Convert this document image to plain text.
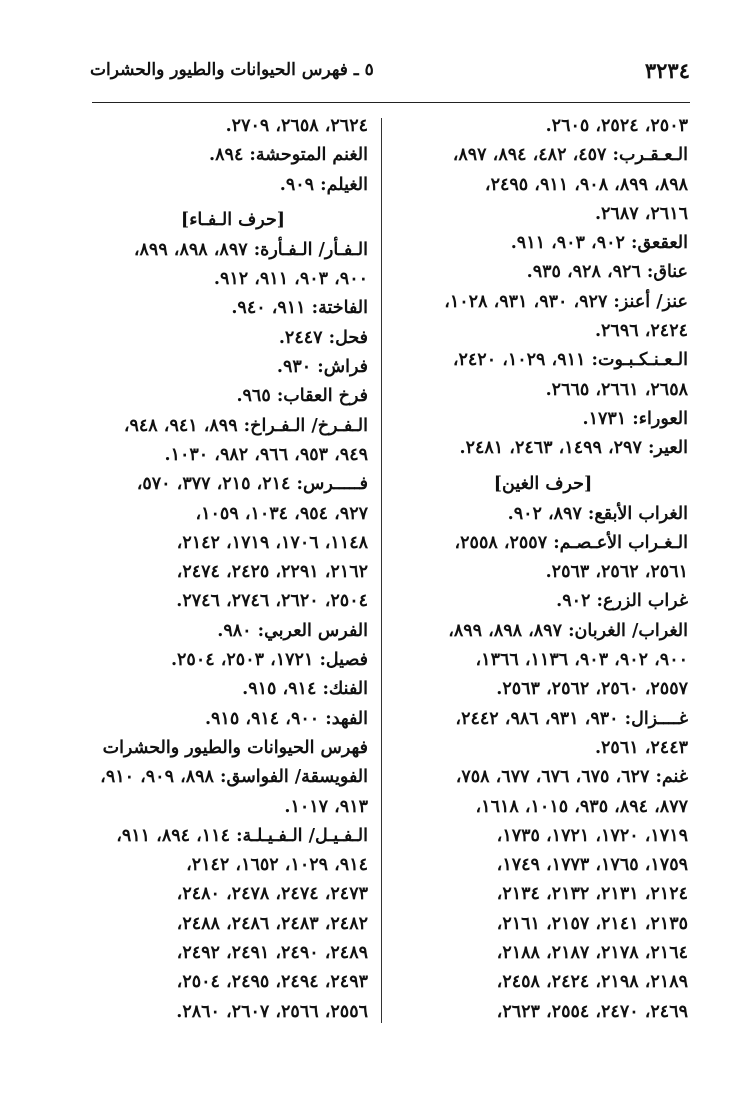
٣٢٣٤
٥ ـ فهرس الحيوانات والطيور والحشرات
٢٥٠٣، ٢٥٢٤، ٢٦٠٥.
الـعـقـرب: ٤٥٧، ٤٨٢، ٨٩٤، ٨٩٧،
٨٩٨، ٨٩٩، ٩٠٨، ٩١١، ٢٤٩٥،
٢٦١٦، ٢٦٨٧.
العقعق: ٩٠٢، ٩٠٣، ٩١١.
عناق: ٩٢٦، ٩٢٨، ٩٣٥.
عنز/ أعنز: ٩٢٧، ٩٣٠، ٩٣١، ١٠٢٨،
٢٤٢٤، ٢٦٩٦.
الـعـنـكـبـوت: ٩١١، ١٠٢٩، ٢٤٢٠،
٢٦٥٨، ٢٦٦١، ٢٦٦٥.
العوراء: ١٧٣١.
العير: ٢٩٧، ١٤٩٩، ٢٤٦٣، ٢٤٨١.
[حرف الغين]
الغراب الأبقع: ٨٩٧، ٩٠٢.
الـغـراب الأعـصـم: ٢٥٥٧، ٢٥٥٨،
٢٥٦١، ٢٥٦٢، ٢٥٦٣.
غراب الزرع: ٩٠٢.
الغراب/ الغربان: ٨٩٧، ٨٩٨، ٨٩٩،
٩٠٠، ٩٠٢، ٩٠٣، ١١٣٦، ١٣٦٦،
٢٥٥٧، ٢٥٦٠، ٢٥٦٢، ٢٥٦٣.
غــــزال: ٩٣٠، ٩٣١، ٩٨٦، ٢٤٤٢،
٢٤٤٣، ٢٥٦١.
غنم: ٦٢٧، ٦٧٥، ٦٧٦، ٦٧٧، ٧٥٨،
٨٧٧، ٨٩٤، ٩٣٥، ١٠١٥، ١٦١٨،
١٧١٩، ١٧٢٠، ١٧٢١، ١٧٣٥،
١٧٥٩، ١٧٦٥، ١٧٧٣، ١٧٤٩،
٢١٢٤، ٢١٣١، ٢١٣٢، ٢١٣٤،
٢١٣٥، ٢١٤١، ٢١٥٧، ٢١٦١،
٢١٦٤، ٢١٧٨، ٢١٨٧، ٢١٨٨،
٢١٨٩، ٢١٩٨، ٢٤٢٤، ٢٤٥٨،
٢٤٦٩، ٢٤٧٠، ٢٥٥٤، ٢٦٢٣،
٢٦٢٤، ٢٦٥٨، ٢٧٠٩.
الغنم المتوحشة: ٨٩٤.
الغيلم: ٩٠٩.
[حرف الـفـاء]
الـفـأر/ الـفـأرة: ٨٩٧، ٨٩٨، ٨٩٩،
٩٠٠، ٩٠٣، ٩١١، ٩١٢.
الفاختة: ٩١١، ٩٤٠.
فحل: ٢٤٤٧.
فراش: ٩٣٠.
فرخ العقاب: ٩٦٥.
الـفـرخ/ الـفـراخ: ٨٩٩، ٩٤١، ٩٤٨،
٩٤٩، ٩٥٣، ٩٦٦، ٩٨٢، ١٠٣٠.
فـــــرس: ٢١٤، ٢١٥، ٣٧٧، ٥٧٠،
٩٢٧، ٩٥٤، ١٠٣٤، ١٠٥٩،
١١٤٨، ١٧٠٦، ١٧١٩، ٢١٤٢،
٢١٦٢، ٢٢٩١، ٢٤٢٥، ٢٤٧٤،
٢٥٠٤، ٢٦٢٠، ٢٧٤٦، ٢٧٤٦.
الفرس العربي: ٩٨٠.
فصيل: ١٧٢١، ٢٥٠٣، ٢٥٠٤.
الفنك: ٩١٤، ٩١٥.
الفهد: ٩٠٠، ٩١٤، ٩١٥.
فهرس الحيوانات والطيور والحشرات
الفويسقة/ الفواسق: ٨٩٨، ٩٠٩، ٩١٠،
٩١٣، ١٠١٧.
الـفـيـل/ الـفـيـلـة: ١١٤، ٨٩٤، ٩١١،
٩١٤، ١٠٢٩، ١٦٥٢، ٢١٤٢،
٢٤٧٣، ٢٤٧٤، ٢٤٧٨، ٢٤٨٠،
٢٤٨٢، ٢٤٨٣، ٢٤٨٦، ٢٤٨٨،
٢٤٨٩، ٢٤٩٠، ٢٤٩١، ٢٤٩٢،
٢٤٩٣، ٢٤٩٤، ٢٤٩٥، ٢٥٠٤،
٢٥٥٦، ٢٥٦٦، ٢٦٠٧، ٢٨٦٠.
